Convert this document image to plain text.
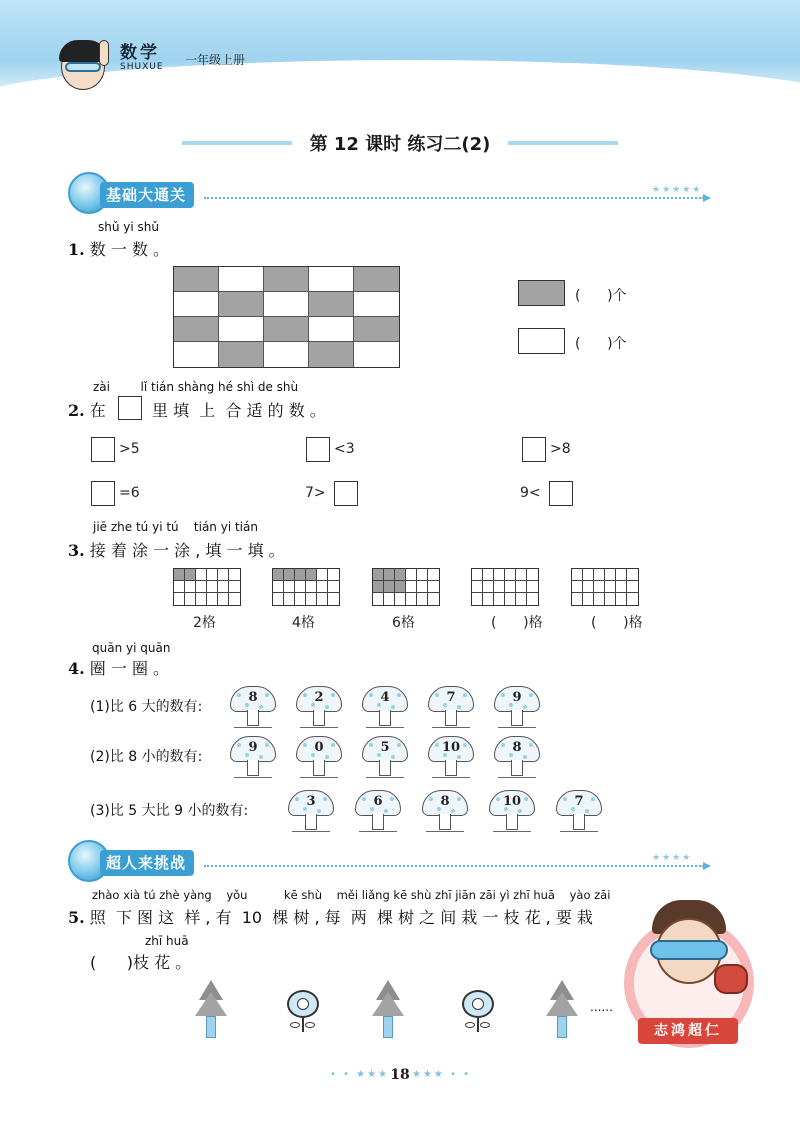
数学
SHUXUE 一年级上册
第 12 课时 练习二(2)
基础大通关	★★★★★
shǔ yi shǔ
1. 数 一 数 。
(      )个
(      )个
zài        lǐ tián shàng hé shì de shù
2. 在	里 填  上  合 适 的 数 。
>5	<3	>8
=6	7>	9<
jiē zhe tú yi tú    tián yi tián
3. 接 着 涂 一 涂 , 填 一 填 。
2格	4格	6格	(      )格	(      )格
quān yi quān
4. 圈 一 圈 。
(1)比 6 大的数有:
8	2	4	7	9
(2)比 8 小的数有:
9	0	5	10	8
(3)比 5 大比 9 小的数有:
3	6	8	10	7
超人来挑战	★★★★
zhào xià tú zhè yàng    yǒu          kē shù    měi liǎng kē shù zhī jiān zāi yì zhī huā    yào zāi
5. 照  下 图 这  样 , 有  10  棵 树 , 每  两  棵 树 之 间 栽 一 枝 花 , 要 栽
zhī huā
(      )枝 花 。
......
志鸿超仁
• • ★★★ 18 ★★★ • •
